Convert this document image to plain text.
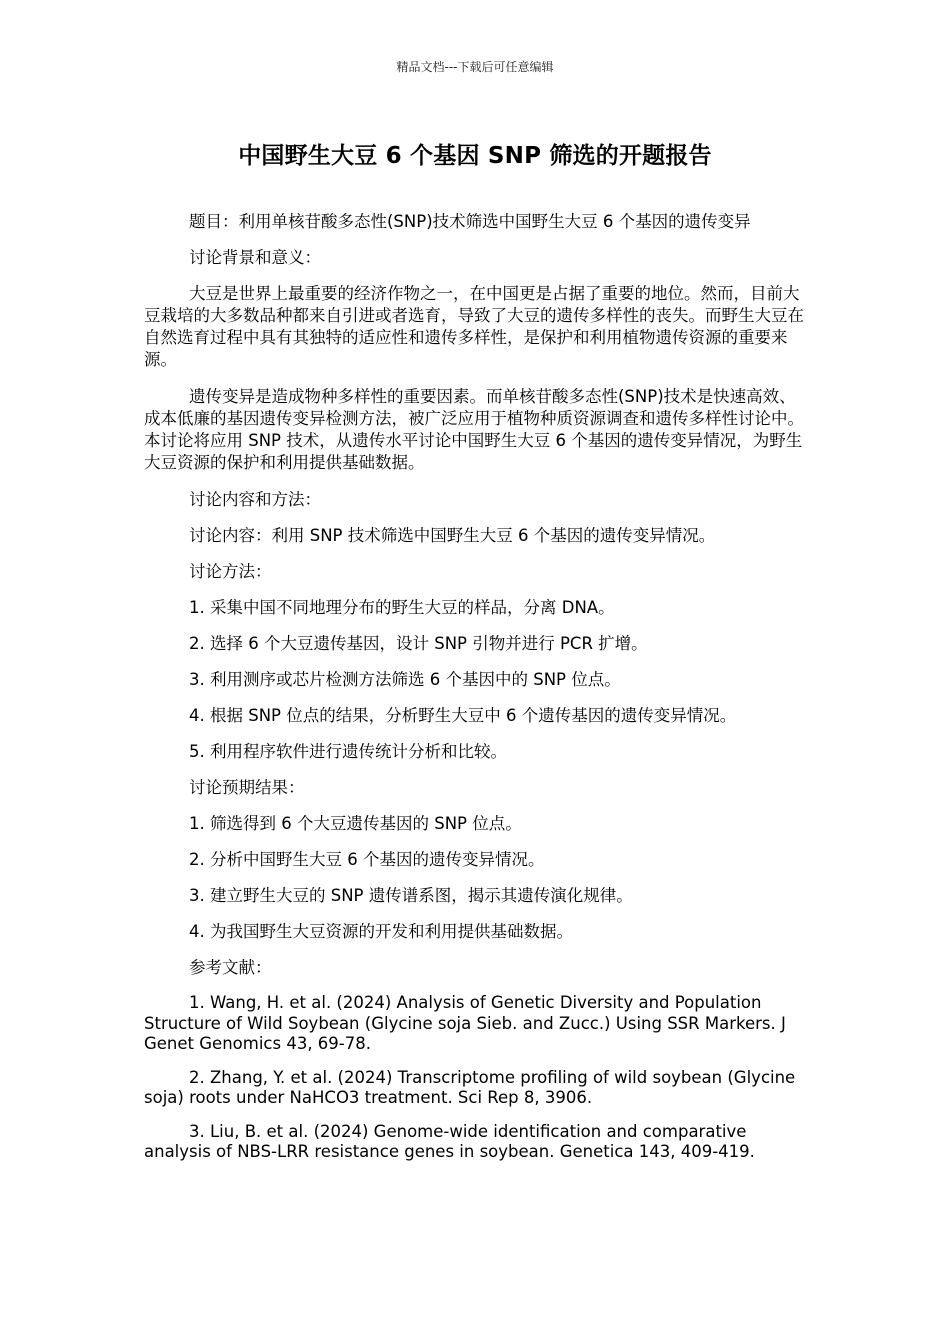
精品文档---下载后可任意编辑
中国野生大豆 6 个基因 SNP 筛选的开题报告

题目：利用单核苷酸多态性(SNP)技术筛选中国野生大豆 6 个基因的遗传变异

讨论背景和意义：

大豆是世界上最重要的经济作物之一，在中国更是占据了重要的地位。然而，目前大豆栽培的大多数品种都来自引进或者选育，导致了大豆的遗传多样性的丧失。而野生大豆在自然选育过程中具有其独特的适应性和遗传多样性，是保护和利用植物遗传资源的重要来源。

遗传变异是造成物种多样性的重要因素。而单核苷酸多态性(SNP)技术是快速高效、成本低廉的基因遗传变异检测方法，被广泛应用于植物种质资源调查和遗传多样性讨论中。本讨论将应用 SNP 技术，从遗传水平讨论中国野生大豆 6 个基因的遗传变异情况，为野生大豆资源的保护和利用提供基础数据。

讨论内容和方法：

讨论内容：利用 SNP 技术筛选中国野生大豆 6 个基因的遗传变异情况。

讨论方法：

1. 采集中国不同地理分布的野生大豆的样品，分离 DNA。

2. 选择 6 个大豆遗传基因，设计 SNP 引物并进行 PCR 扩增。

3. 利用测序或芯片检测方法筛选 6 个基因中的 SNP 位点。

4. 根据 SNP 位点的结果，分析野生大豆中 6 个遗传基因的遗传变异情况。

5. 利用程序软件进行遗传统计分析和比较。

讨论预期结果：

1. 筛选得到 6 个大豆遗传基因的 SNP 位点。

2. 分析中国野生大豆 6 个基因的遗传变异情况。

3. 建立野生大豆的 SNP 遗传谱系图，揭示其遗传演化规律。

4. 为我国野生大豆资源的开发和利用提供基础数据。

参考文献：

1. Wang, H. et al. (2024) Analysis of Genetic Diversity and Population Structure of Wild Soybean (Glycine soja Sieb. and Zucc.) Using SSR Markers. J Genet Genomics 43, 69-78.

2. Zhang, Y. et al. (2024) Transcriptome profiling of wild soybean (Glycine soja) roots under NaHCO3 treatment. Sci Rep 8, 3906.

3. Liu, B. et al. (2024) Genome-wide identification and comparative analysis of NBS-LRR resistance genes in soybean. Genetica 143, 409-419.
